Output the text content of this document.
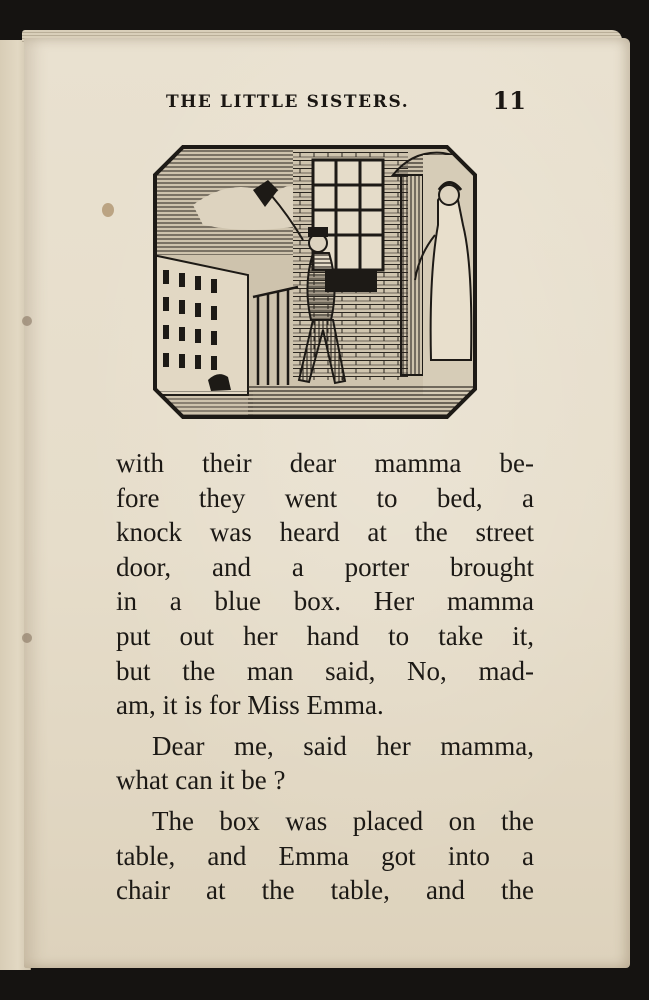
THE LITTLE SISTERS.	11
with their dear mamma be-
fore they went to bed, a
knock was heard at the street
door, and a porter brought
in a blue box. Her mamma
put out her hand to take it,
but the man said, No, mad-
am, it is for Miss Emma.
Dear me, said her mamma,
what can it be ?
The box was placed on the
table, and Emma got into a
chair at the table, and the
